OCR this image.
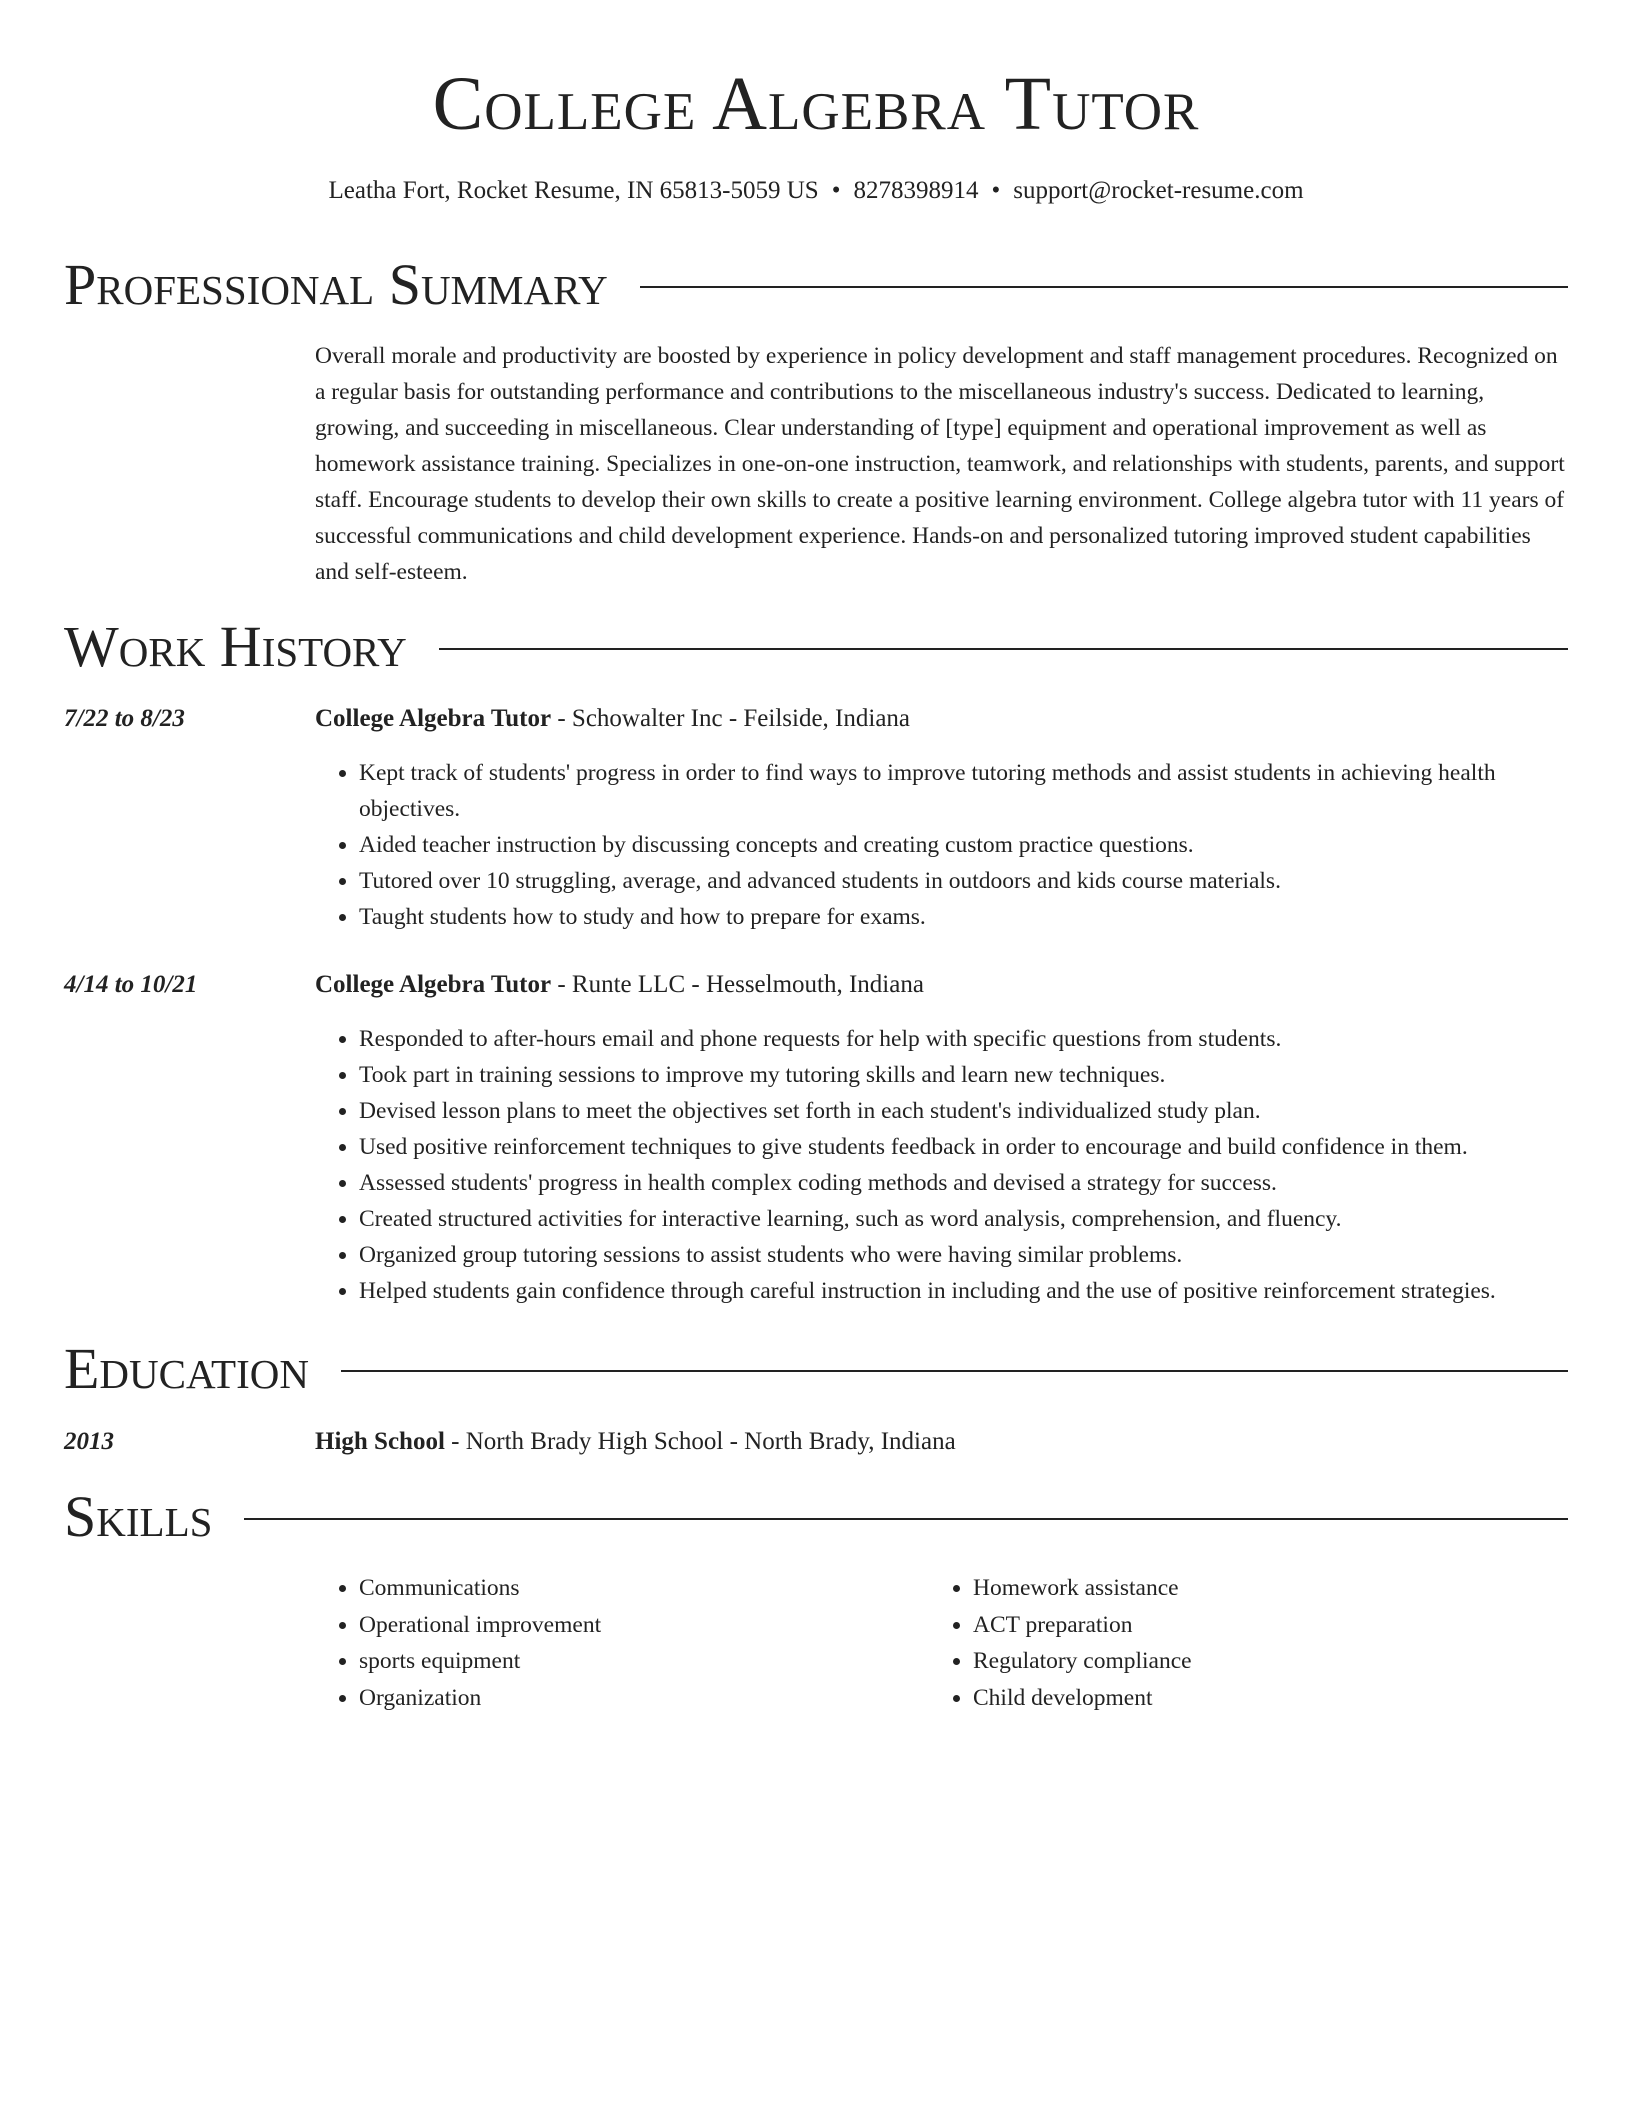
College Algebra Tutor
Leatha Fort, Rocket Resume, IN 65813-5059 US • 8278398914 • support@rocket-resume.com
Professional Summary
Overall morale and productivity are boosted by experience in policy development and staff management procedures. Recognized on a regular basis for outstanding performance and contributions to the miscellaneous industry's success. Dedicated to learning, growing, and succeeding in miscellaneous. Clear understanding of [type] equipment and operational improvement as well as homework assistance training. Specializes in one-on-one instruction, teamwork, and relationships with students, parents, and support staff. Encourage students to develop their own skills to create a positive learning environment. College algebra tutor with 11 years of successful communications and child development experience. Hands-on and personalized tutoring improved student capabilities and self-esteem.
Work History
7/22 to 8/23	College Algebra Tutor - Schowalter Inc - Feilside, Indiana
• Kept track of students' progress in order to find ways to improve tutoring methods and assist students in achieving health objectives.
• Aided teacher instruction by discussing concepts and creating custom practice questions.
• Tutored over 10 struggling, average, and advanced students in outdoors and kids course materials.
• Taught students how to study and how to prepare for exams.
4/14 to 10/21	College Algebra Tutor - Runte LLC - Hesselmouth, Indiana
• Responded to after-hours email and phone requests for help with specific questions from students.
• Took part in training sessions to improve my tutoring skills and learn new techniques.
• Devised lesson plans to meet the objectives set forth in each student's individualized study plan.
• Used positive reinforcement techniques to give students feedback in order to encourage and build confidence in them.
• Assessed students' progress in health complex coding methods and devised a strategy for success.
• Created structured activities for interactive learning, such as word analysis, comprehension, and fluency.
• Organized group tutoring sessions to assist students who were having similar problems.
• Helped students gain confidence through careful instruction in including and the use of positive reinforcement strategies.
Education
2013	High School - North Brady High School - North Brady, Indiana
Skills
• Communications
• Operational improvement
• sports equipment
• Organization
• Homework assistance
• ACT preparation
• Regulatory compliance
• Child development
